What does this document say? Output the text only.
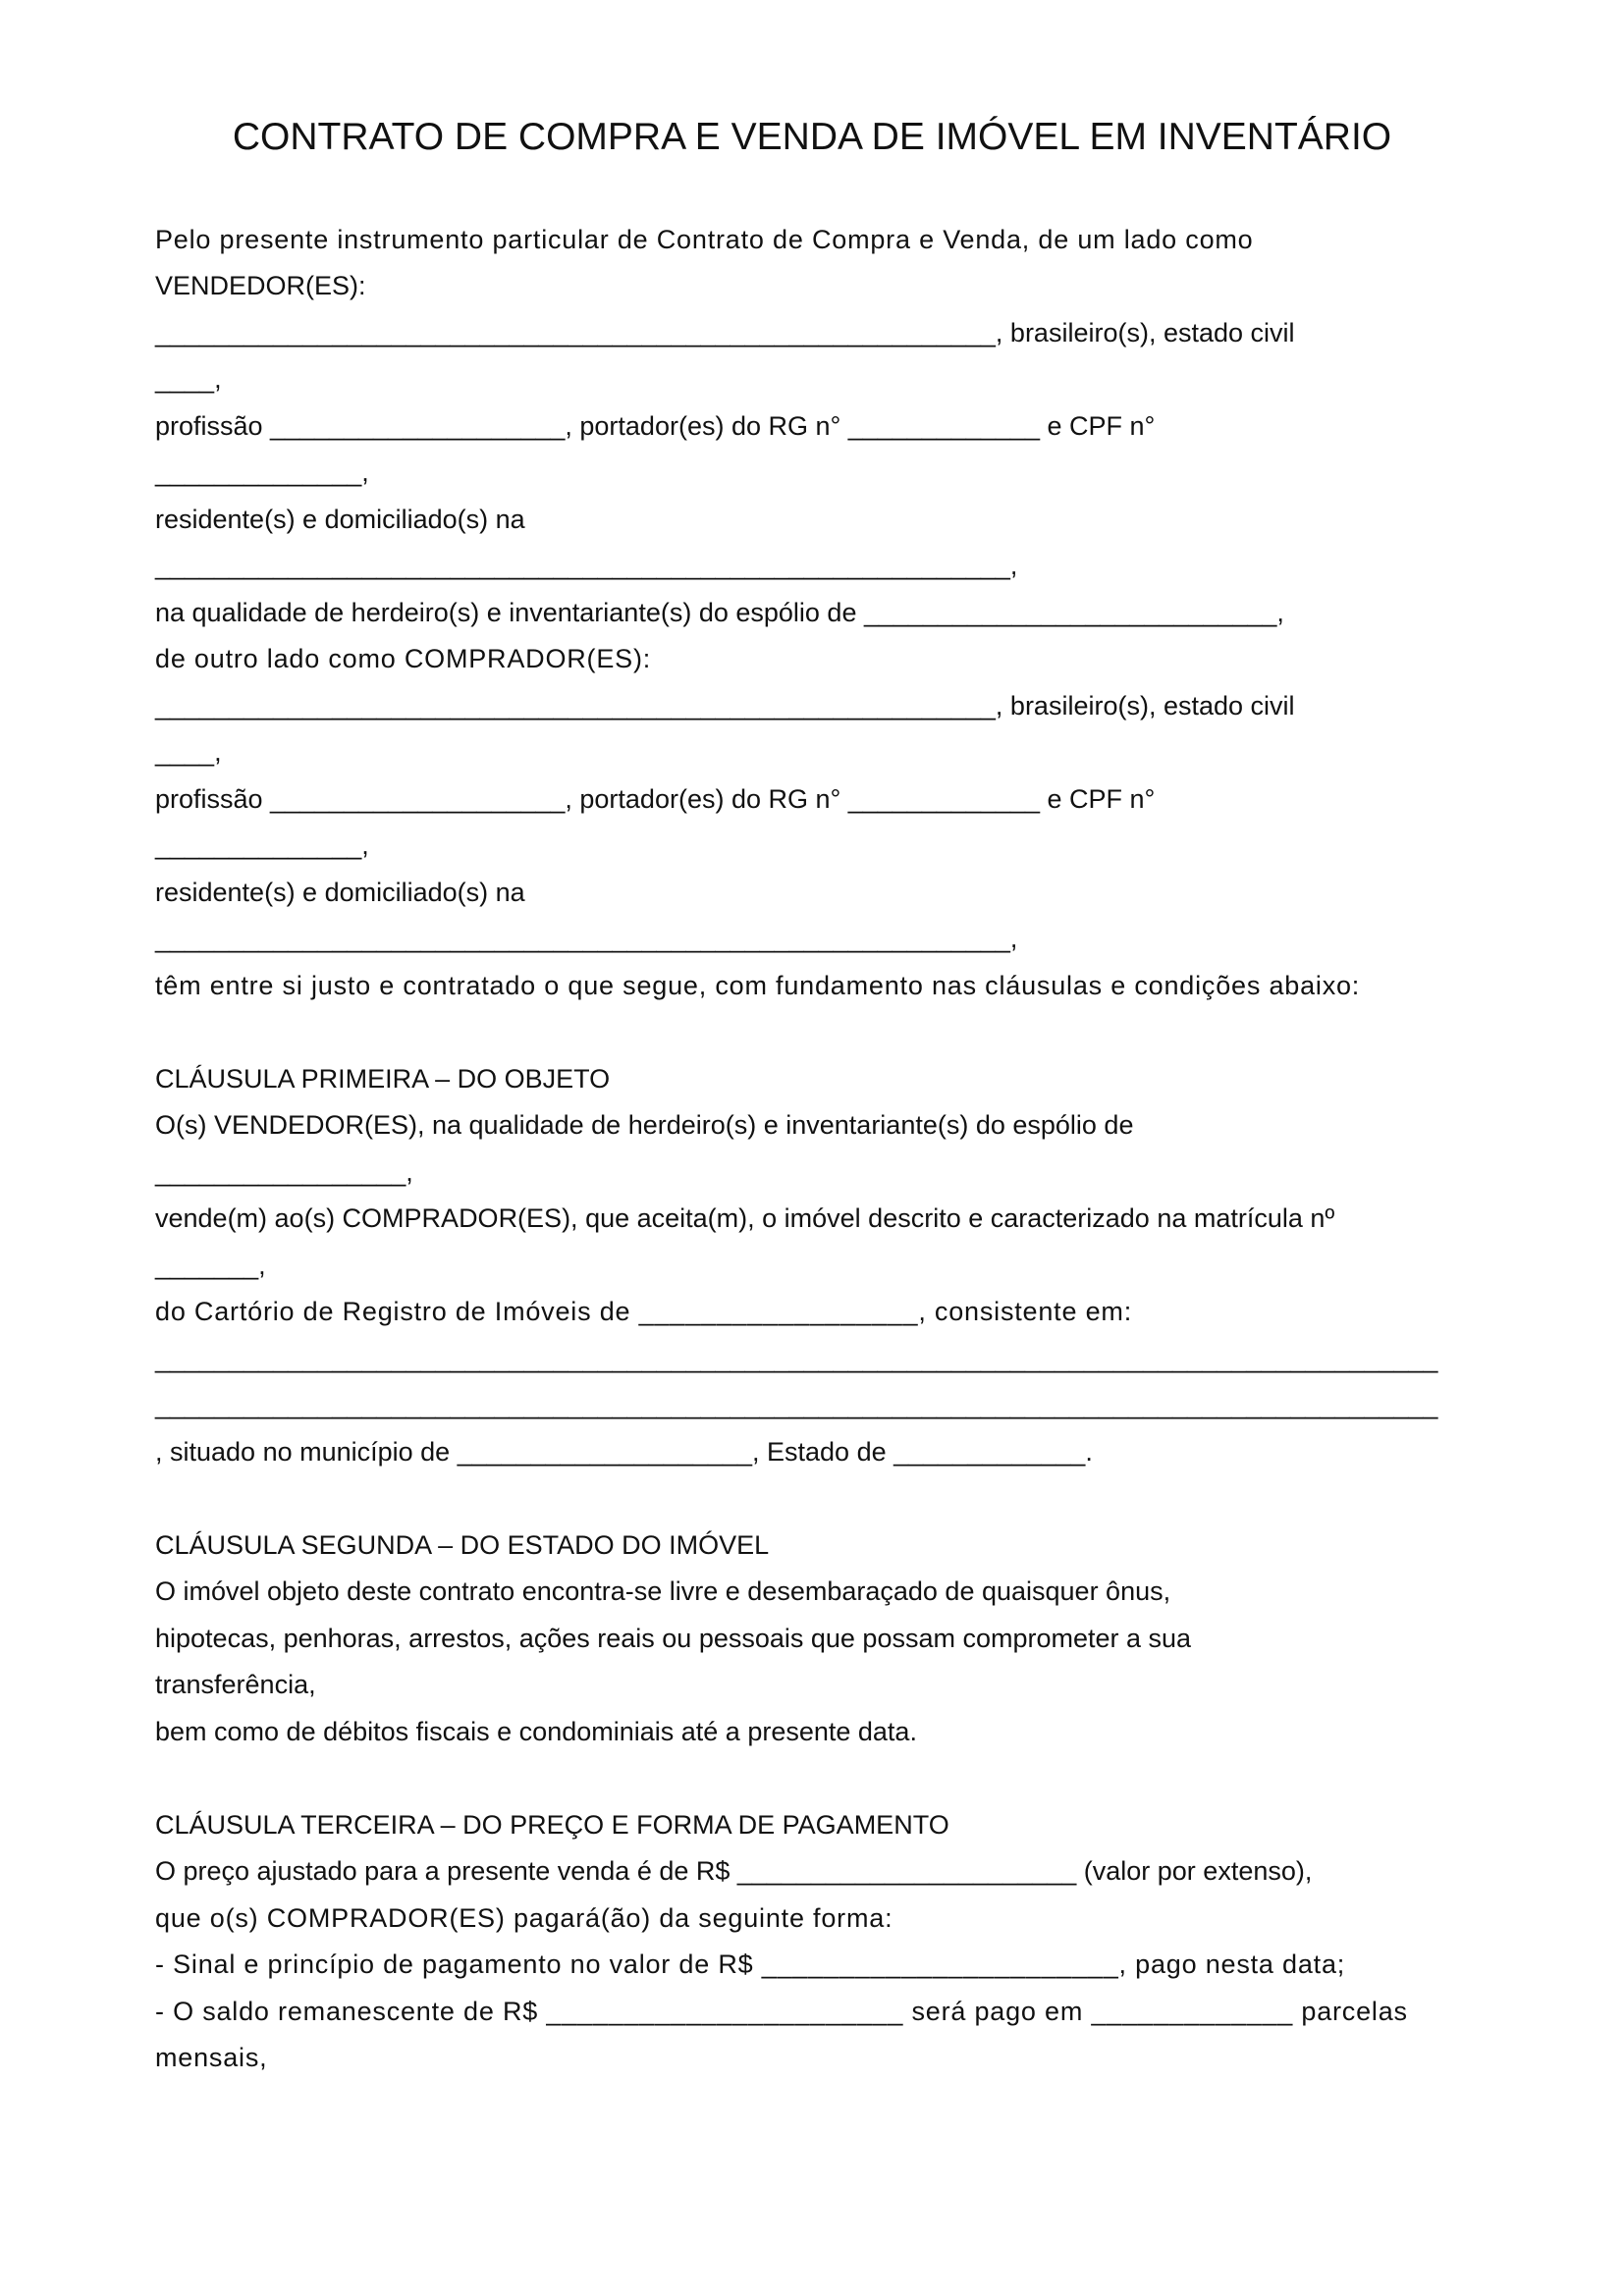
CONTRATO DE COMPRA E VENDA DE IMÓVEL EM INVENTÁRIO
Pelo presente instrumento particular de Contrato de Compra e Venda, de um lado como
VENDEDOR(ES):
_________________________________________________________, brasileiro(s), estado civil
____,
profissão ____________________, portador(es) do RG n° _____________ e CPF n°
______________,
residente(s) e domiciliado(s) na
__________________________________________________________,
na qualidade de herdeiro(s) e inventariante(s) do espólio de ____________________________,
de outro lado como COMPRADOR(ES):
_________________________________________________________, brasileiro(s), estado civil
____,
profissão ____________________, portador(es) do RG n° _____________ e CPF n°
______________,
residente(s) e domiciliado(s) na
__________________________________________________________,
têm entre si justo e contratado o que segue, com fundamento nas cláusulas e condições abaixo:
CLÁUSULA PRIMEIRA – DO OBJETO
O(s) VENDEDOR(ES), na qualidade de herdeiro(s) e inventariante(s) do espólio de
_________________,
vende(m) ao(s) COMPRADOR(ES), que aceita(m), o imóvel descrito e caracterizado na matrícula nº
_______,
do Cartório de Registro de Imóveis de __________________, consistente em:
_______________________________________________________________________________________
_______________________________________________________________________________________
, situado no município de ____________________, Estado de _____________.
CLÁUSULA SEGUNDA – DO ESTADO DO IMÓVEL
O imóvel objeto deste contrato encontra-se livre e desembaraçado de quaisquer ônus,
hipotecas, penhoras, arrestos, ações reais ou pessoais que possam comprometer a sua
transferência,
bem como de débitos fiscais e condominiais até a presente data.
CLÁUSULA TERCEIRA – DO PREÇO E FORMA DE PAGAMENTO
O preço ajustado para a presente venda é de R$ _______________________ (valor por extenso),
que o(s) COMPRADOR(ES) pagará(ão) da seguinte forma:
- Sinal e princípio de pagamento no valor de R$ _______________________, pago nesta data;
- O saldo remanescente de R$ _______________________ será pago em _____________ parcelas
mensais,
